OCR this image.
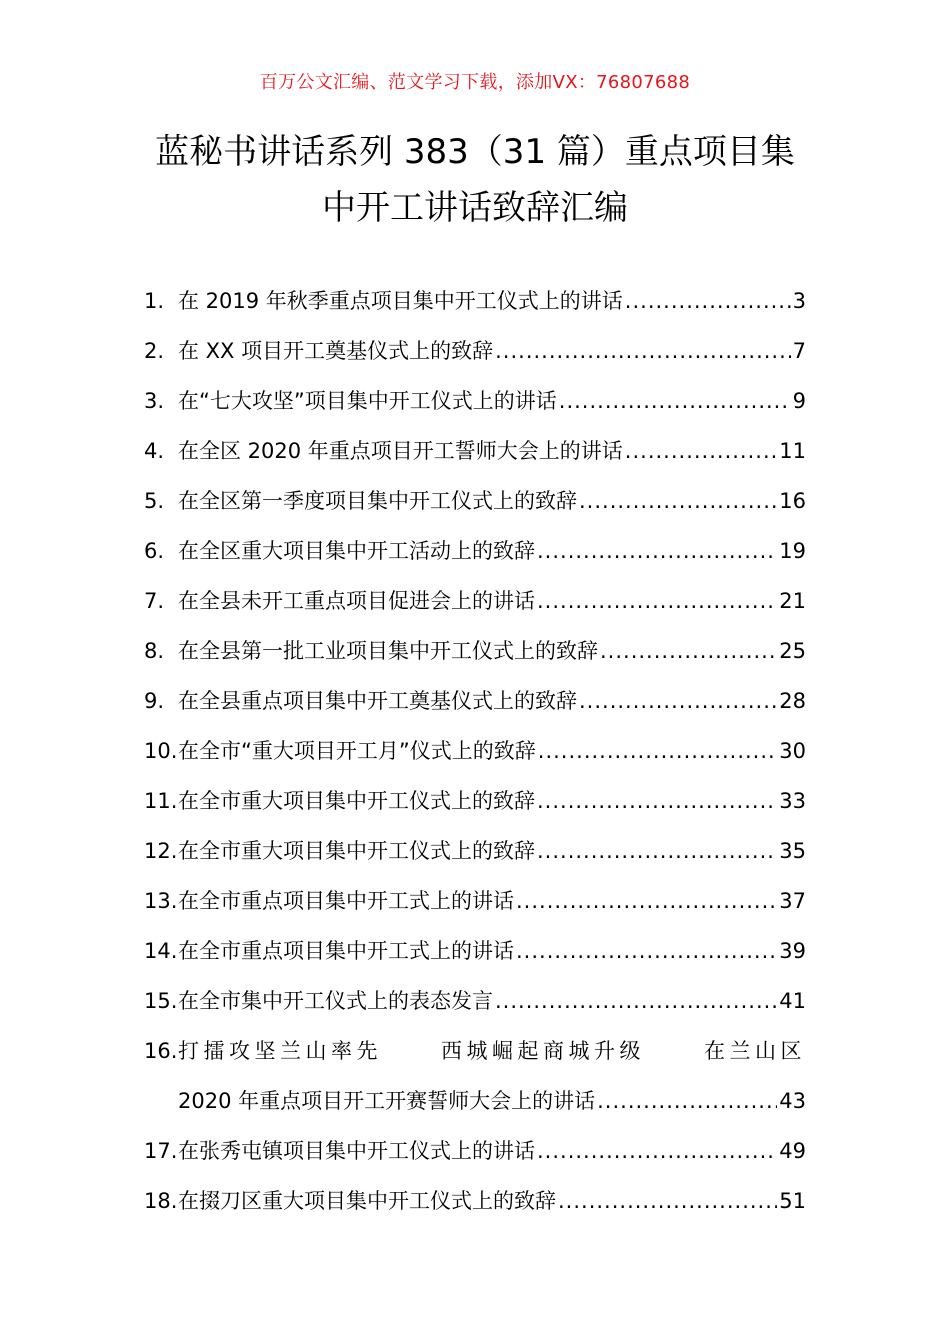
百万公文汇编、范文学习下载，添加VX：76807688
蓝秘书讲话系列 383（31 篇）重点项目集
中开工讲话致辞汇编
1. 在 2019 年秋季重点项目集中开工仪式上的讲话 .....	3
2. 在 XX 项目开工奠基仪式上的致辞 .....	7
3. 在“七大攻坚”项目集中开工仪式上的讲话 .....	9
4. 在全区 2020 年重点项目开工誓师大会上的讲话 .....	11
5. 在全区第一季度项目集中开工仪式上的致辞 .....	16
6. 在全区重大项目集中开工活动上的致辞 .....	19
7. 在全县未开工重点项目促进会上的讲话 .....	21
8. 在全县第一批工业项目集中开工仪式上的致辞 .....	25
9. 在全县重点项目集中开工奠基仪式上的致辞 .....	28
10. 在全市“重大项目开工月”仪式上的致辞 .....	30
11. 在全市重大项目集中开工仪式上的致辞 .....	33
12. 在全市重大项目集中开工仪式上的致辞 .....	35
13. 在全市重点项目集中开工式上的讲话 .....	37
14. 在全市重点项目集中开工式上的讲话 .....	39
15. 在全市集中开工仪式上的表态发言 .....	41
16. 打擂攻坚兰山率先	西城崛起商城升级	在兰山区
2020 年重点项目开工开赛誓师大会上的讲话 .....	43
17. 在张秀屯镇项目集中开工仪式上的讲话 .....	49
18. 在掇刀区重大项目集中开工仪式上的致辞 .....	51
